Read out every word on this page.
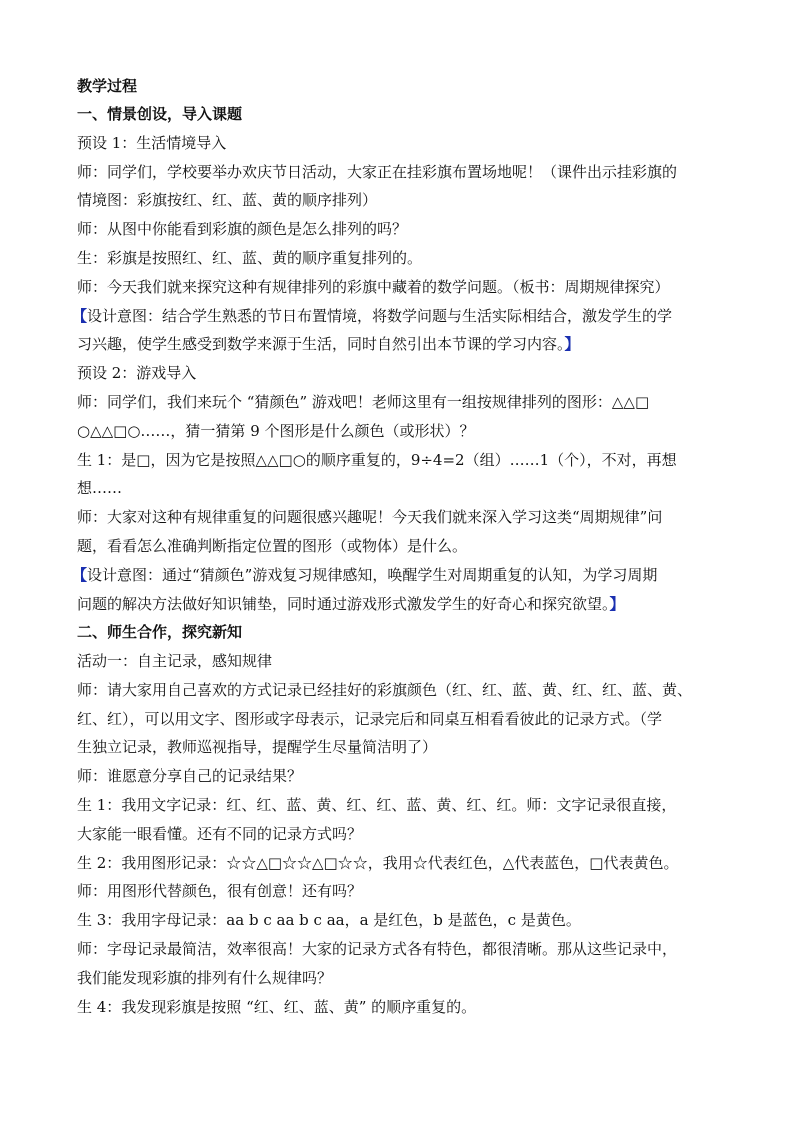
教学过程
一、情景创设，导入课题
预设 1：生活情境导入
师：同学们，学校要举办欢庆节日活动，大家正在挂彩旗布置场地呢！（课件出示挂彩旗的
情境图：彩旗按红、红、蓝、黄的顺序排列）
师：从图中你能看到彩旗的颜色是怎么排列的吗？
生：彩旗是按照红、红、蓝、黄的顺序重复排列的。
师：今天我们就来探究这种有规律排列的彩旗中藏着的数学问题。（板书：周期规律探究）
【设计意图：结合学生熟悉的节日布置情境，将数学问题与生活实际相结合，激发学生的学
习兴趣，使学生感受到数学来源于生活，同时自然引出本节课的学习内容。】
预设 2：游戏导入
师：同学们，我们来玩个 “猜颜色” 游戏吧！老师这里有一组按规律排列的图形：△△□
○△△□○……，猜一猜第 9 个图形是什么颜色（或形状）？
生 1：是□，因为它是按照△△□○的顺序重复的，9÷4=2（组）……1（个），不对，再想
想……
师：大家对这种有规律重复的问题很感兴趣呢！今天我们就来深入学习这类“周期规律”问
题，看看怎么准确判断指定位置的图形（或物体）是什么。
【设计意图：通过“猜颜色”游戏复习规律感知，唤醒学生对周期重复的认知，为学习周期
问题的解决方法做好知识铺垫，同时通过游戏形式激发学生的好奇心和探究欲望。】
二、师生合作，探究新知
活动一：自主记录，感知规律
师：请大家用自己喜欢的方式记录已经挂好的彩旗颜色（红、红、蓝、黄、红、红、蓝、黄、
红、红），可以用文字、图形或字母表示，记录完后和同桌互相看看彼此的记录方式。（学
生独立记录，教师巡视指导，提醒学生尽量简洁明了）
师：谁愿意分享自己的记录结果？
生 1：我用文字记录：红、红、蓝、黄、红、红、蓝、黄、红、红。师：文字记录很直接，
大家能一眼看懂。还有不同的记录方式吗？
生 2：我用图形记录：☆☆△□☆☆△□☆☆，我用☆代表红色，△代表蓝色，□代表黄色。
师：用图形代替颜色，很有创意！还有吗？
生 3：我用字母记录：aa b c aa b c aa，a 是红色，b 是蓝色，c 是黄色。
师：字母记录最简洁，效率很高！大家的记录方式各有特色，都很清晰。那从这些记录中，
我们能发现彩旗的排列有什么规律吗？
生 4：我发现彩旗是按照 “红、红、蓝、黄” 的顺序重复的。
